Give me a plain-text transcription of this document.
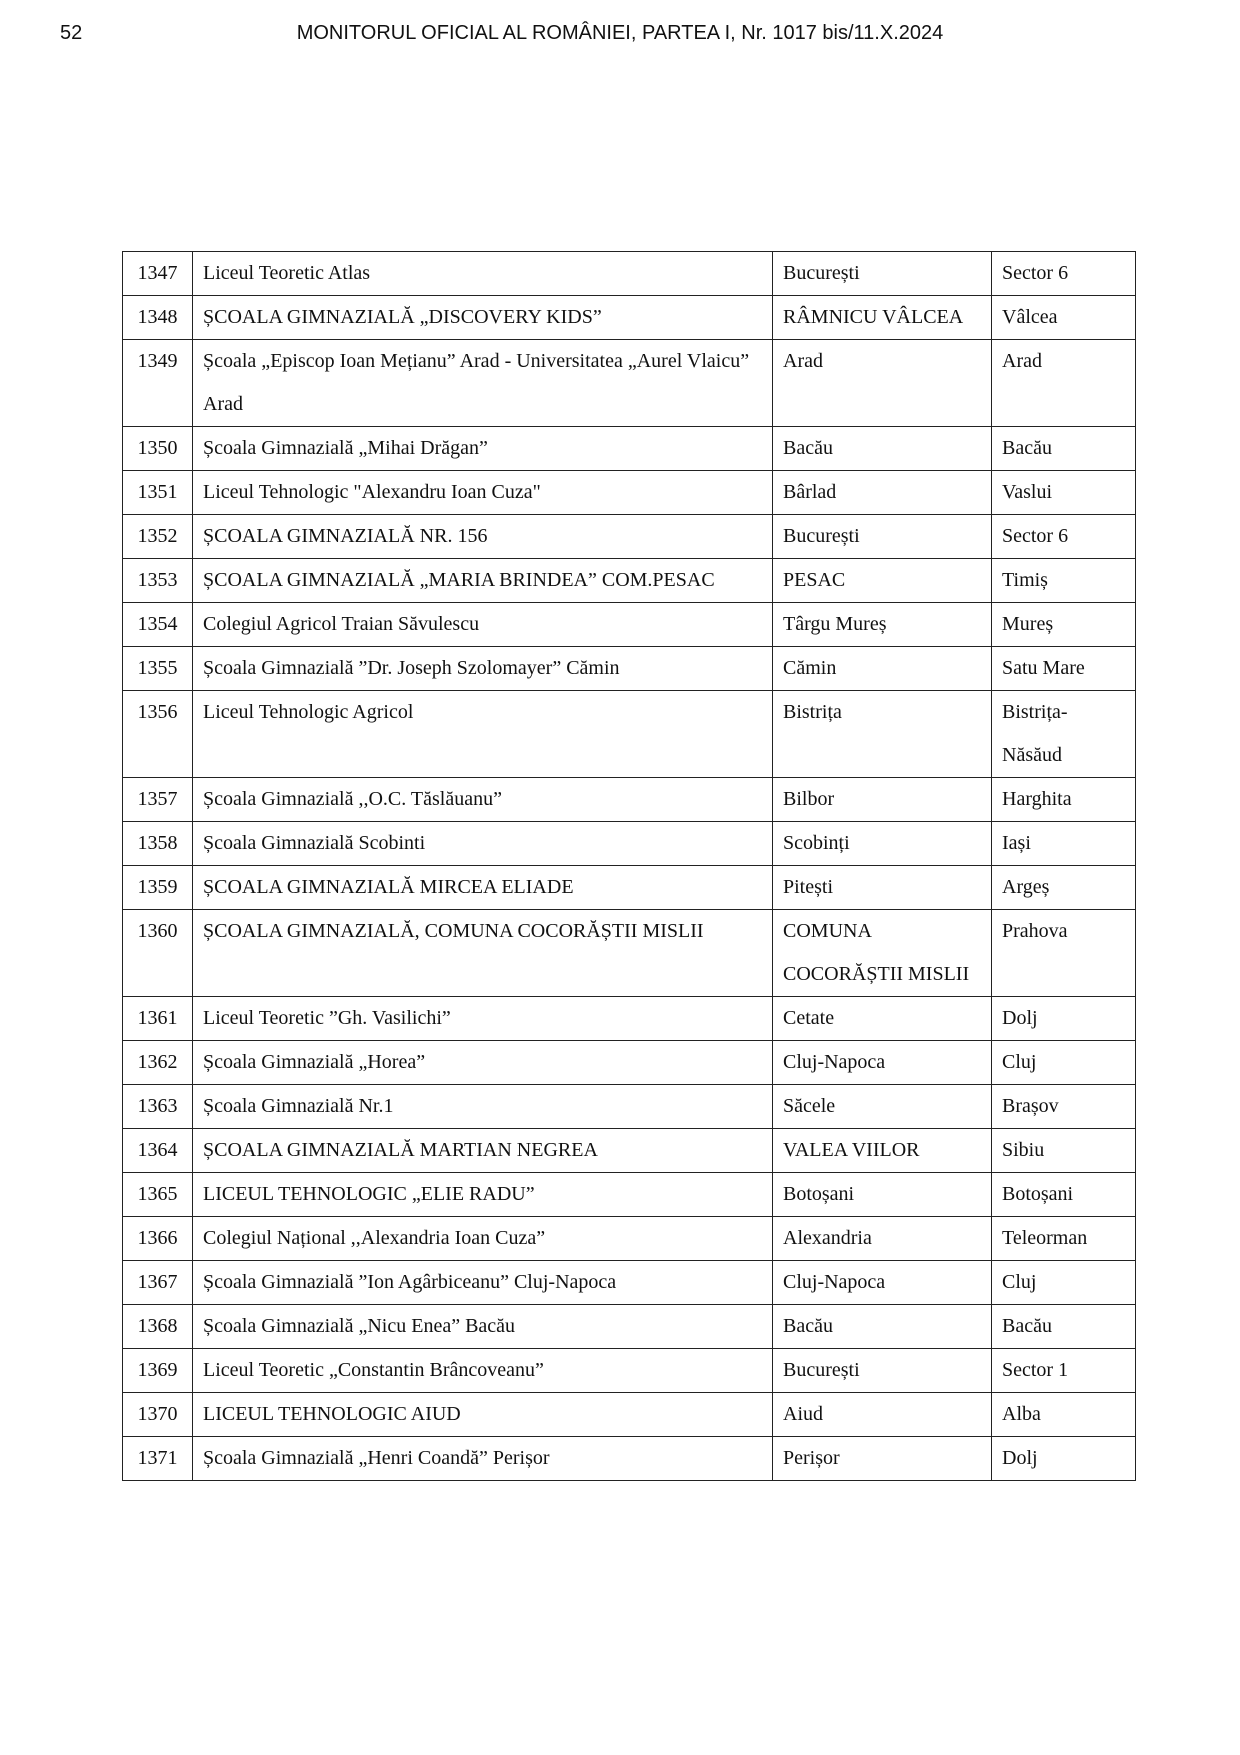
52	MONITORUL OFICIAL AL ROMÂNIEI, PARTEA I, Nr. 1017 bis/11.X.2024
1347	Liceul Teoretic Atlas	București	Sector 6
1348	ȘCOALA GIMNAZIALĂ „DISCOVERY KIDS”	RÂMNICU VÂLCEA	Vâlcea
1349	Școala „Episcop Ioan Mețianu” Arad - Universitatea „Aurel Vlaicu” Arad	Arad	Arad
1350	Școala Gimnazială „Mihai Drăgan”	Bacău	Bacău
1351	Liceul Tehnologic "Alexandru Ioan Cuza"	Bârlad	Vaslui
1352	ȘCOALA GIMNAZIALĂ NR. 156	București	Sector 6
1353	ȘCOALA GIMNAZIALĂ „MARIA BRINDEA” COM.PESAC	PESAC	Timiș
1354	Colegiul Agricol Traian Săvulescu	Târgu Mureș	Mureș
1355	Școala Gimnazială ”Dr. Joseph Szolomayer” Cămin	Cămin	Satu Mare
1356	Liceul Tehnologic Agricol	Bistrița	Bistrița-Năsăud
1357	Școala Gimnazială ,,O.C. Tăslăuanu”	Bilbor	Harghita
1358	Școala Gimnazială Scobinti	Scobinți	Iași
1359	ȘCOALA GIMNAZIALĂ MIRCEA ELIADE	Pitești	Argeș
1360	ȘCOALA GIMNAZIALĂ, COMUNA COCORĂȘTII MISLII	COMUNA COCORĂȘTII MISLII	Prahova
1361	Liceul Teoretic ”Gh. Vasilichi”	Cetate	Dolj
1362	Școala Gimnazială „Horea”	Cluj-Napoca	Cluj
1363	Școala Gimnazială Nr.1	Săcele	Brașov
1364	ȘCOALA GIMNAZIALĂ MARTIAN NEGREA	VALEA VIILOR	Sibiu
1365	LICEUL TEHNOLOGIC „ELIE RADU”	Botoșani	Botoșani
1366	Colegiul Național ,,Alexandria Ioan Cuza”	Alexandria	Teleorman
1367	Școala Gimnazială ”Ion Agârbiceanu” Cluj-Napoca	Cluj-Napoca	Cluj
1368	Școala Gimnazială „Nicu Enea” Bacău	Bacău	Bacău
1369	Liceul Teoretic „Constantin Brâncoveanu”	București	Sector 1
1370	LICEUL TEHNOLOGIC AIUD	Aiud	Alba
1371	Școala Gimnazială „Henri Coandă” Perișor	Perișor	Dolj
